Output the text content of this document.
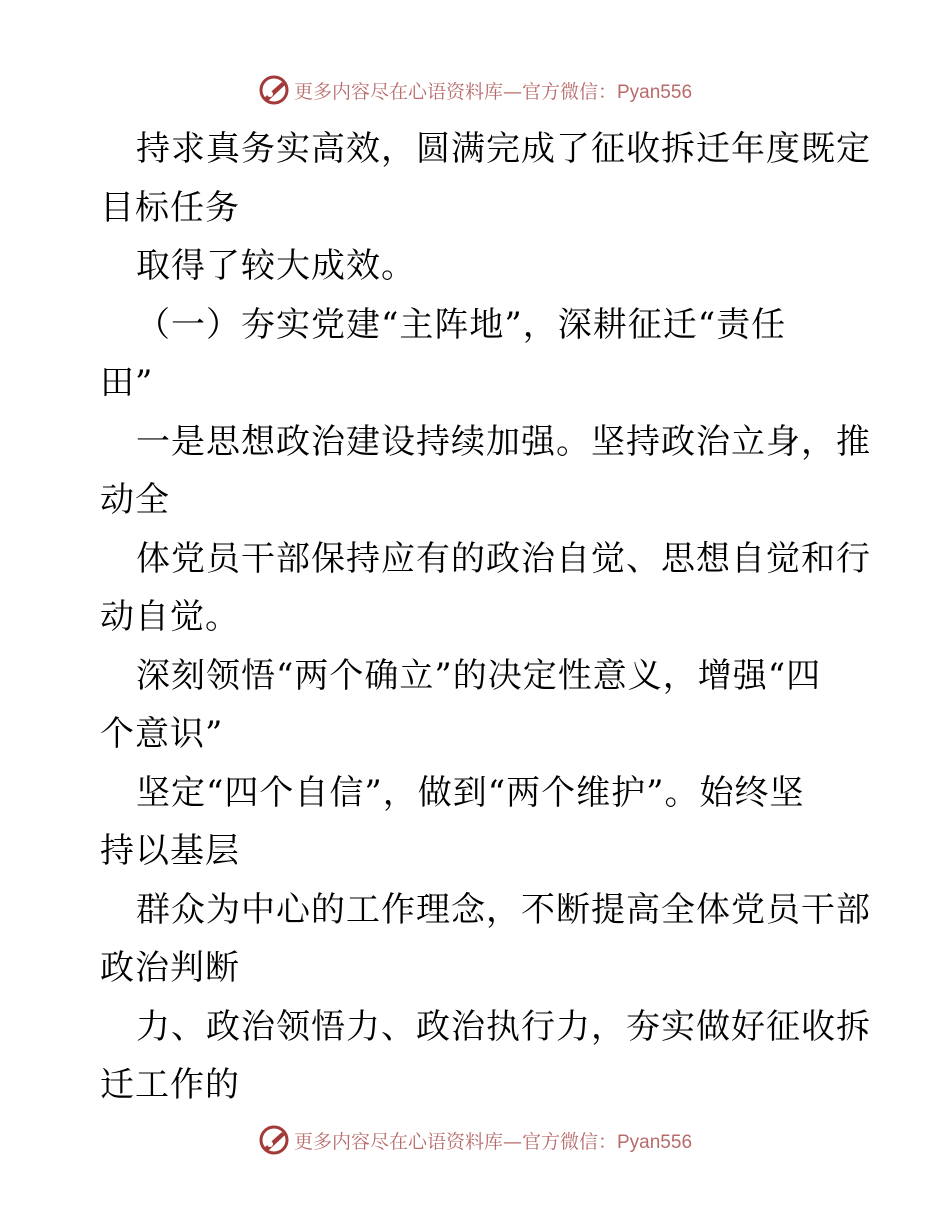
更多内容尽在心语资料库—官方微信：Pyan556
持求真务实高效，圆满完成了征收拆迁年度既定
目标任务
取得了较大成效。
（一）夯实党建“主阵地”，深耕征迁“责任
田”
一是思想政治建设持续加强。坚持政治立身，推
动全
体党员干部保持应有的政治自觉、思想自觉和行
动自觉。
深刻领悟“两个确立”的决定性意义，增强“四
个意识”
坚定“四个自信”，做到“两个维护”。始终坚
持以基层
群众为中心的工作理念，不断提高全体党员干部
政治判断
力、政治领悟力、政治执行力，夯实做好征收拆
迁工作的
更多内容尽在心语资料库—官方微信：Pyan556
